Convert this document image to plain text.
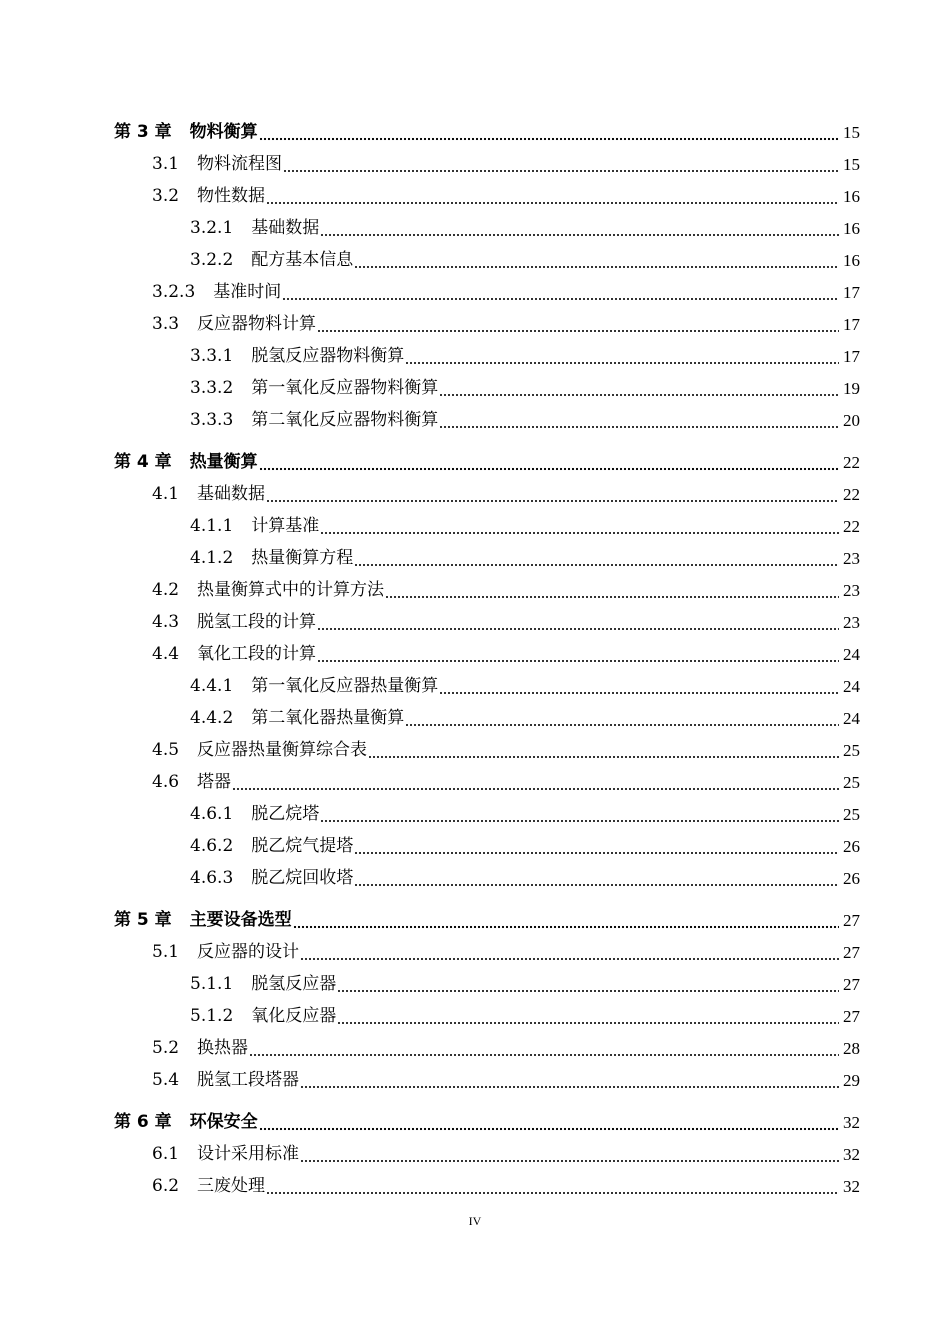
第 3 章 物料衡算	15
3.1 物料流程图	15
3.2 物性数据	16
3.2.1 基础数据	16
3.2.2 配方基本信息	16
3.2.3 基准时间	17
3.3 反应器物料计算	17
3.3.1 脱氢反应器物料衡算	17
3.3.2 第一氧化反应器物料衡算	19
3.3.3 第二氧化反应器物料衡算	20
第 4 章 热量衡算	22
4.1 基础数据	22
4.1.1 计算基准	22
4.1.2 热量衡算方程	23
4.2 热量衡算式中的计算方法	23
4.3 脱氢工段的计算	23
4.4 氧化工段的计算	24
4.4.1 第一氧化反应器热量衡算	24
4.4.2 第二氧化器热量衡算	24
4.5 反应器热量衡算综合表	25
4.6 塔器	25
4.6.1 脱乙烷塔	25
4.6.2 脱乙烷气提塔	26
4.6.3 脱乙烷回收塔	26
第 5 章 主要设备选型	27
5.1 反应器的设计	27
5.1.1 脱氢反应器	27
5.1.2 氧化反应器	27
5.2 换热器	28
5.4 脱氢工段塔器	29
第 6 章 环保安全	32
6.1 设计采用标准	32
6.2 三废处理	32
IV
